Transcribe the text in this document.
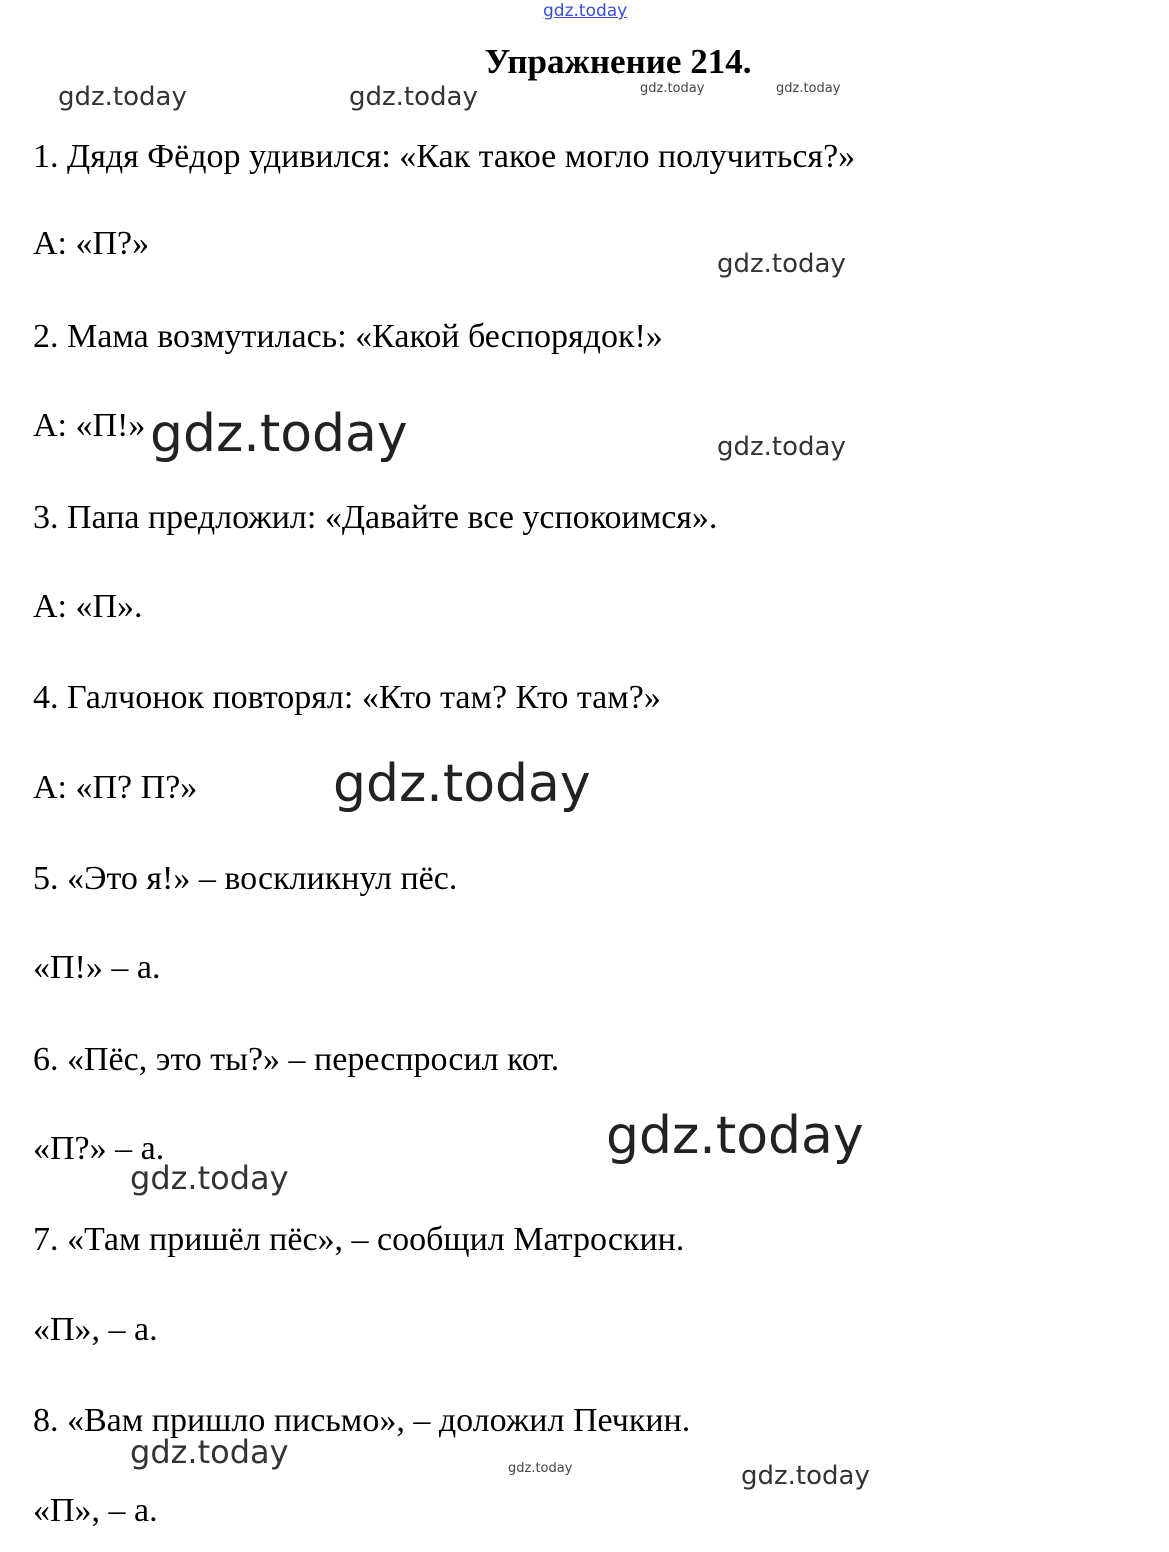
gdz.today
Упражнение 214.
gdz.today	gdz.today	gdz.today	gdz.today
1. Дядя Фёдор удивился: «Как такое могло получиться?»
А: «П?»
gdz.today
2. Мама возмутилась: «Какой беспорядок!»
А: «П!» gdz.today	gdz.today
3. Папа предложил: «Давайте все успокоимся».
А: «П».
4. Галчонок повторял: «Кто там? Кто там?»
А: «П? П?»	gdz.today
5. «Это я!» – воскликнул пёс.
«П!» – а.
6. «Пёс, это ты?» – переспросил кот.
«П?» – а.	gdz.today
gdz.today
7. «Там пришёл пёс», – сообщил Матроскин.
«П», – а.
8. «Вам пришло письмо», – доложил Печкин.
gdz.today	gdz.today	gdz.today
«П», – а.
